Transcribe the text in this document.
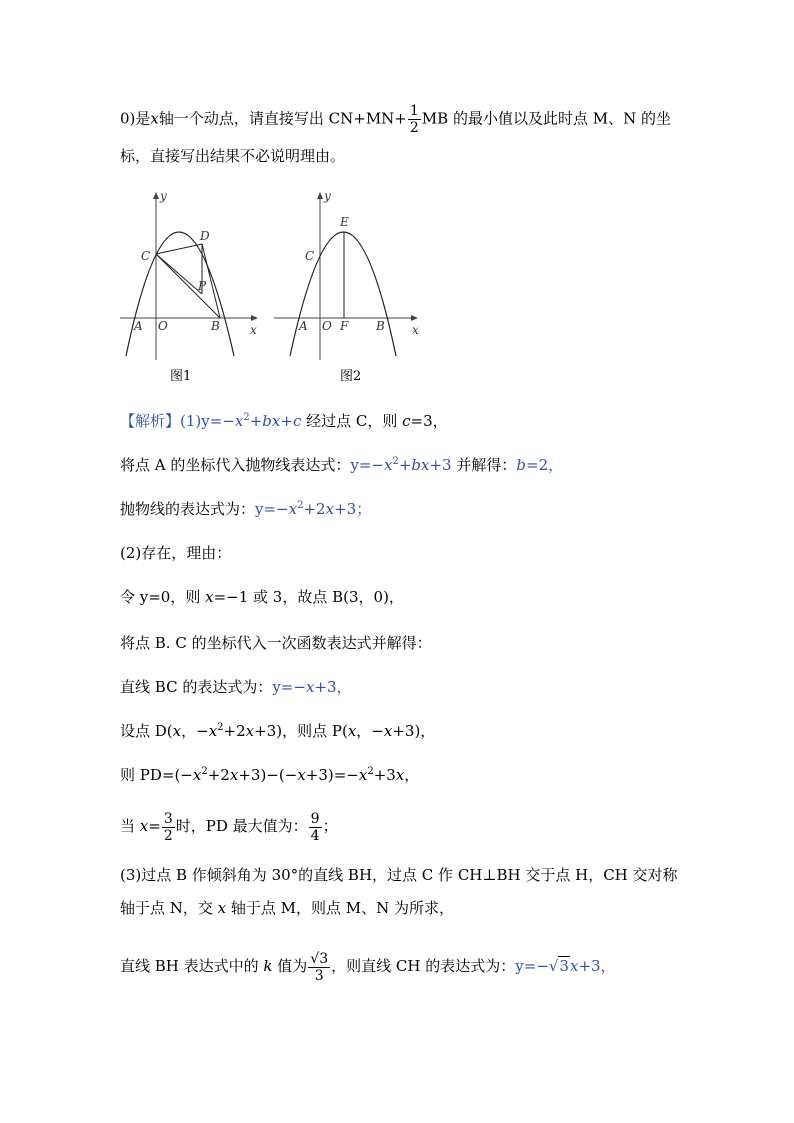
0)是x轴一个动点，请直接写出 $CN+MN+ \frac{1}{2}$ MB 的最小值以及此时点 M、N 的坐
标，直接写出结果不必说明理由。
y
x
C
D
P
A O	B
图1
y
x
C
E
A O F B
图2
【解析】$(1)y=-x^2+bx+c$ 经过点 C，则 c=3，
将点 A 的坐标代入抛物线表达式：$y=-x^2+bx+3$ 并解得：b=2，
抛物线的表达式为：$y=-x^2+2x+3$；
(2)存在，理由：
令 y=0，则 x=−1 或 3，故点 B(3，0)，
将点 B. C 的坐标代入一次函数表达式并解得：
直线 BC 的表达式为：y=−x+3，
设点 D(x，$-x^2+2x+3$)，则点 P(x，−x+3)，
则 $PD=(-x^2+2x+3)-(-x+3)=-x^2+3x$，
当 $x= \frac{3}{2}$ 时，PD 最大值为： $\frac{9}{4}$ ；
(3)过点 B 作倾斜角为 30°的直线 BH，过点 C 作 CH⊥BH 交于点 H，CH 交对称
轴于点 N，交 x 轴于点 M，则点 M、N 为所求，
直线 BH 表达式中的 k 值为 $\frac{√3}{3}$ ，则直线 CH 的表达式为：y=−√3x+3，
